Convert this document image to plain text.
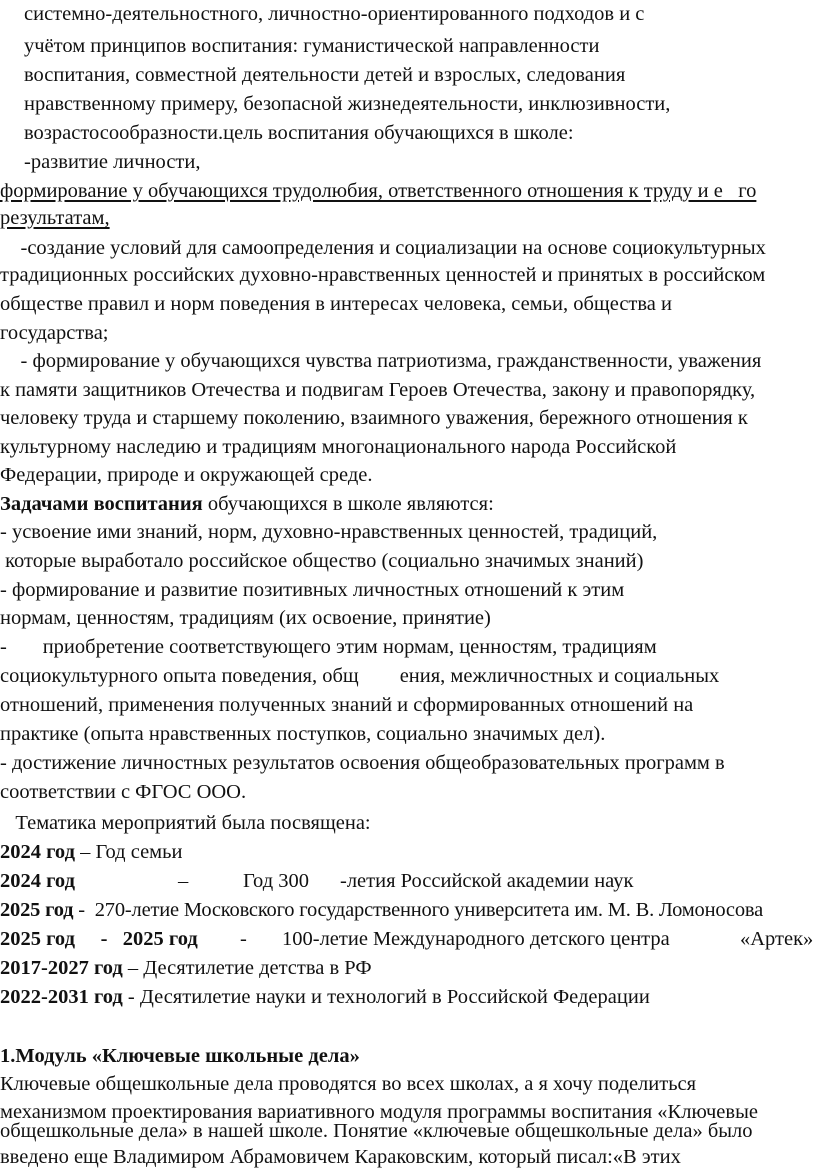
системно-деятельностного, личностно-ориентированного подходов и с
учётом принципов воспитания: гуманистической направленности
воспитания, совместной деятельности детей и взрослых, следования
нравственному примеру, безопасной жизнедеятельности, инклюзивности,
возрастосообразности.цель воспитания обучающихся в школе:
-развитие личности,
формирование у обучающихся трудолюбия, ответственного отношения к труду и е   го
результатам,
-создание условий для самоопределения и социализации на основе социокультурных
традиционных российских духовно-нравственных ценностей и принятых в российском
обществе правил и норм поведения в интересах человека, семьи, общества и
государства;
- формирование у обучающихся чувства патриотизма, гражданственности, уважения
к памяти защитников Отечества и подвигам Героев Отечества, закону и правопорядку,
человеку труда и старшему поколению, взаимного уважения, бережного отношения к
культурному наследию и традициям многонационального народа Российской
Федерации, природе и окружающей среде.
Задачами воспитания обучающихся в школе являются:
- усвоение ими знаний, норм, духовно-нравственных ценностей, традиций,
которые выработало российское общество (социально значимых знаний)
- формирование и развитие позитивных личностных отношений к этим
нормам, ценностям, традициям (их освоение, принятие)
-       приобретение соответствующего этим нормам, ценностям, традициям
социокультурного опыта поведения, общ        ения, межличностных и социальных
отношений, применения полученных знаний и сформированных отношений на
практике (опыта нравственных поступков, социально значимых дел).
- достижение личностных результатов освоения общеобразовательных программ в
соответствии с ФГОС ООО.
Тематика мероприятий была посвящена:
2024 год – Год семьи
2024 год	–	Год 300 -летия Российской академии наук
2025 год -  270-летие Московского государственного университета им. М. В. Ломоносова
2025 год     -   2025 год - 100-летие Международного детского центра	«Артек»
2017-2027 год – Десятилетие детства в РФ
2022-2031 год - Десятилетие науки и технологий в Российской Федерации
1.Модуль «Ключевые школьные дела»
Ключевые общешкольные дела проводятся во всех школах, а я хочу поделиться
механизмом проектирования вариативного модуля программы воспитания «Ключевые
общешкольные дела» в нашей школе. Понятие «ключевые общешкольные дела» было
введено еще Владимиром Абрамовичем Караковским, который писал:«В этих
